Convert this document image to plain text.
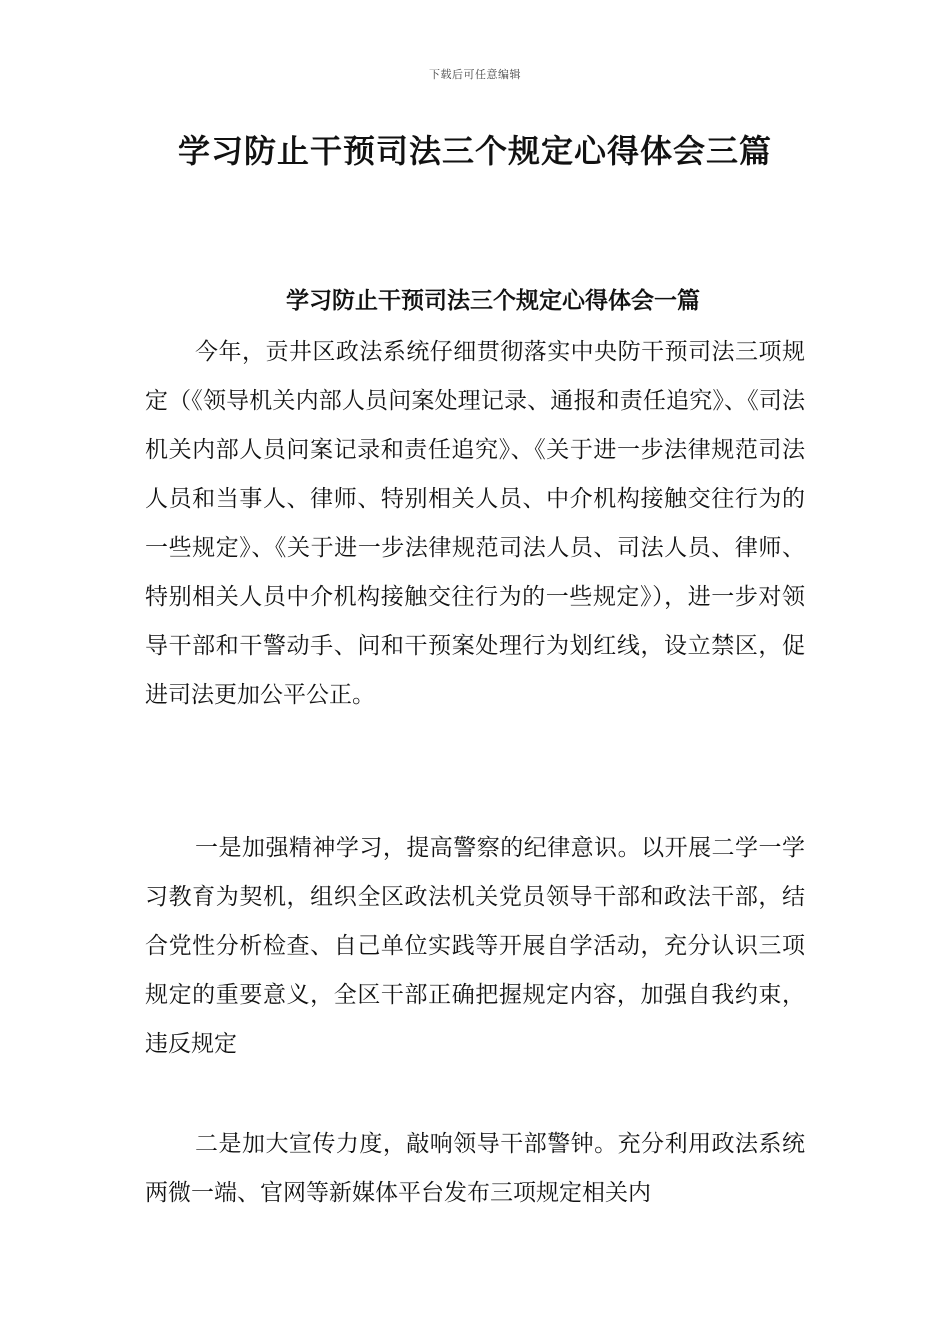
下载后可任意编辑
学习防止干预司法三个规定心得体会三篇
学习防止干预司法三个规定心得体会一篇

今年，贡井区政法系统仔细贯彻落实中央防干预司法三项规定（《领导机关内部人员问案处理记录、通报和责任追究》、《司法机关内部人员问案记录和责任追究》、《关于进一步法律规范司法人员和当事人、律师、特别相关人员、中介机构接触交往行为的一些规定》、《关于进一步法律规范司法人员、司法人员、律师、特别相关人员中介机构接触交往行为的一些规定》），进一步对领导干部和干警动手、问和干预案处理行为划红线，设立禁区，促进司法更加公平公正。

一是加强精神学习，提高警察的纪律意识。以开展二学一学习教育为契机，组织全区政法机关党员领导干部和政法干部，结合党性分析检查、自己单位实践等开展自学活动，充分认识三项规定的重要意义，全区干部正确把握规定内容，加强自我约束，违反规定

二是加大宣传力度，敲响领导干部警钟。充分利用政法系统两微一端、官网等新媒体平台发布三项规定相关内
